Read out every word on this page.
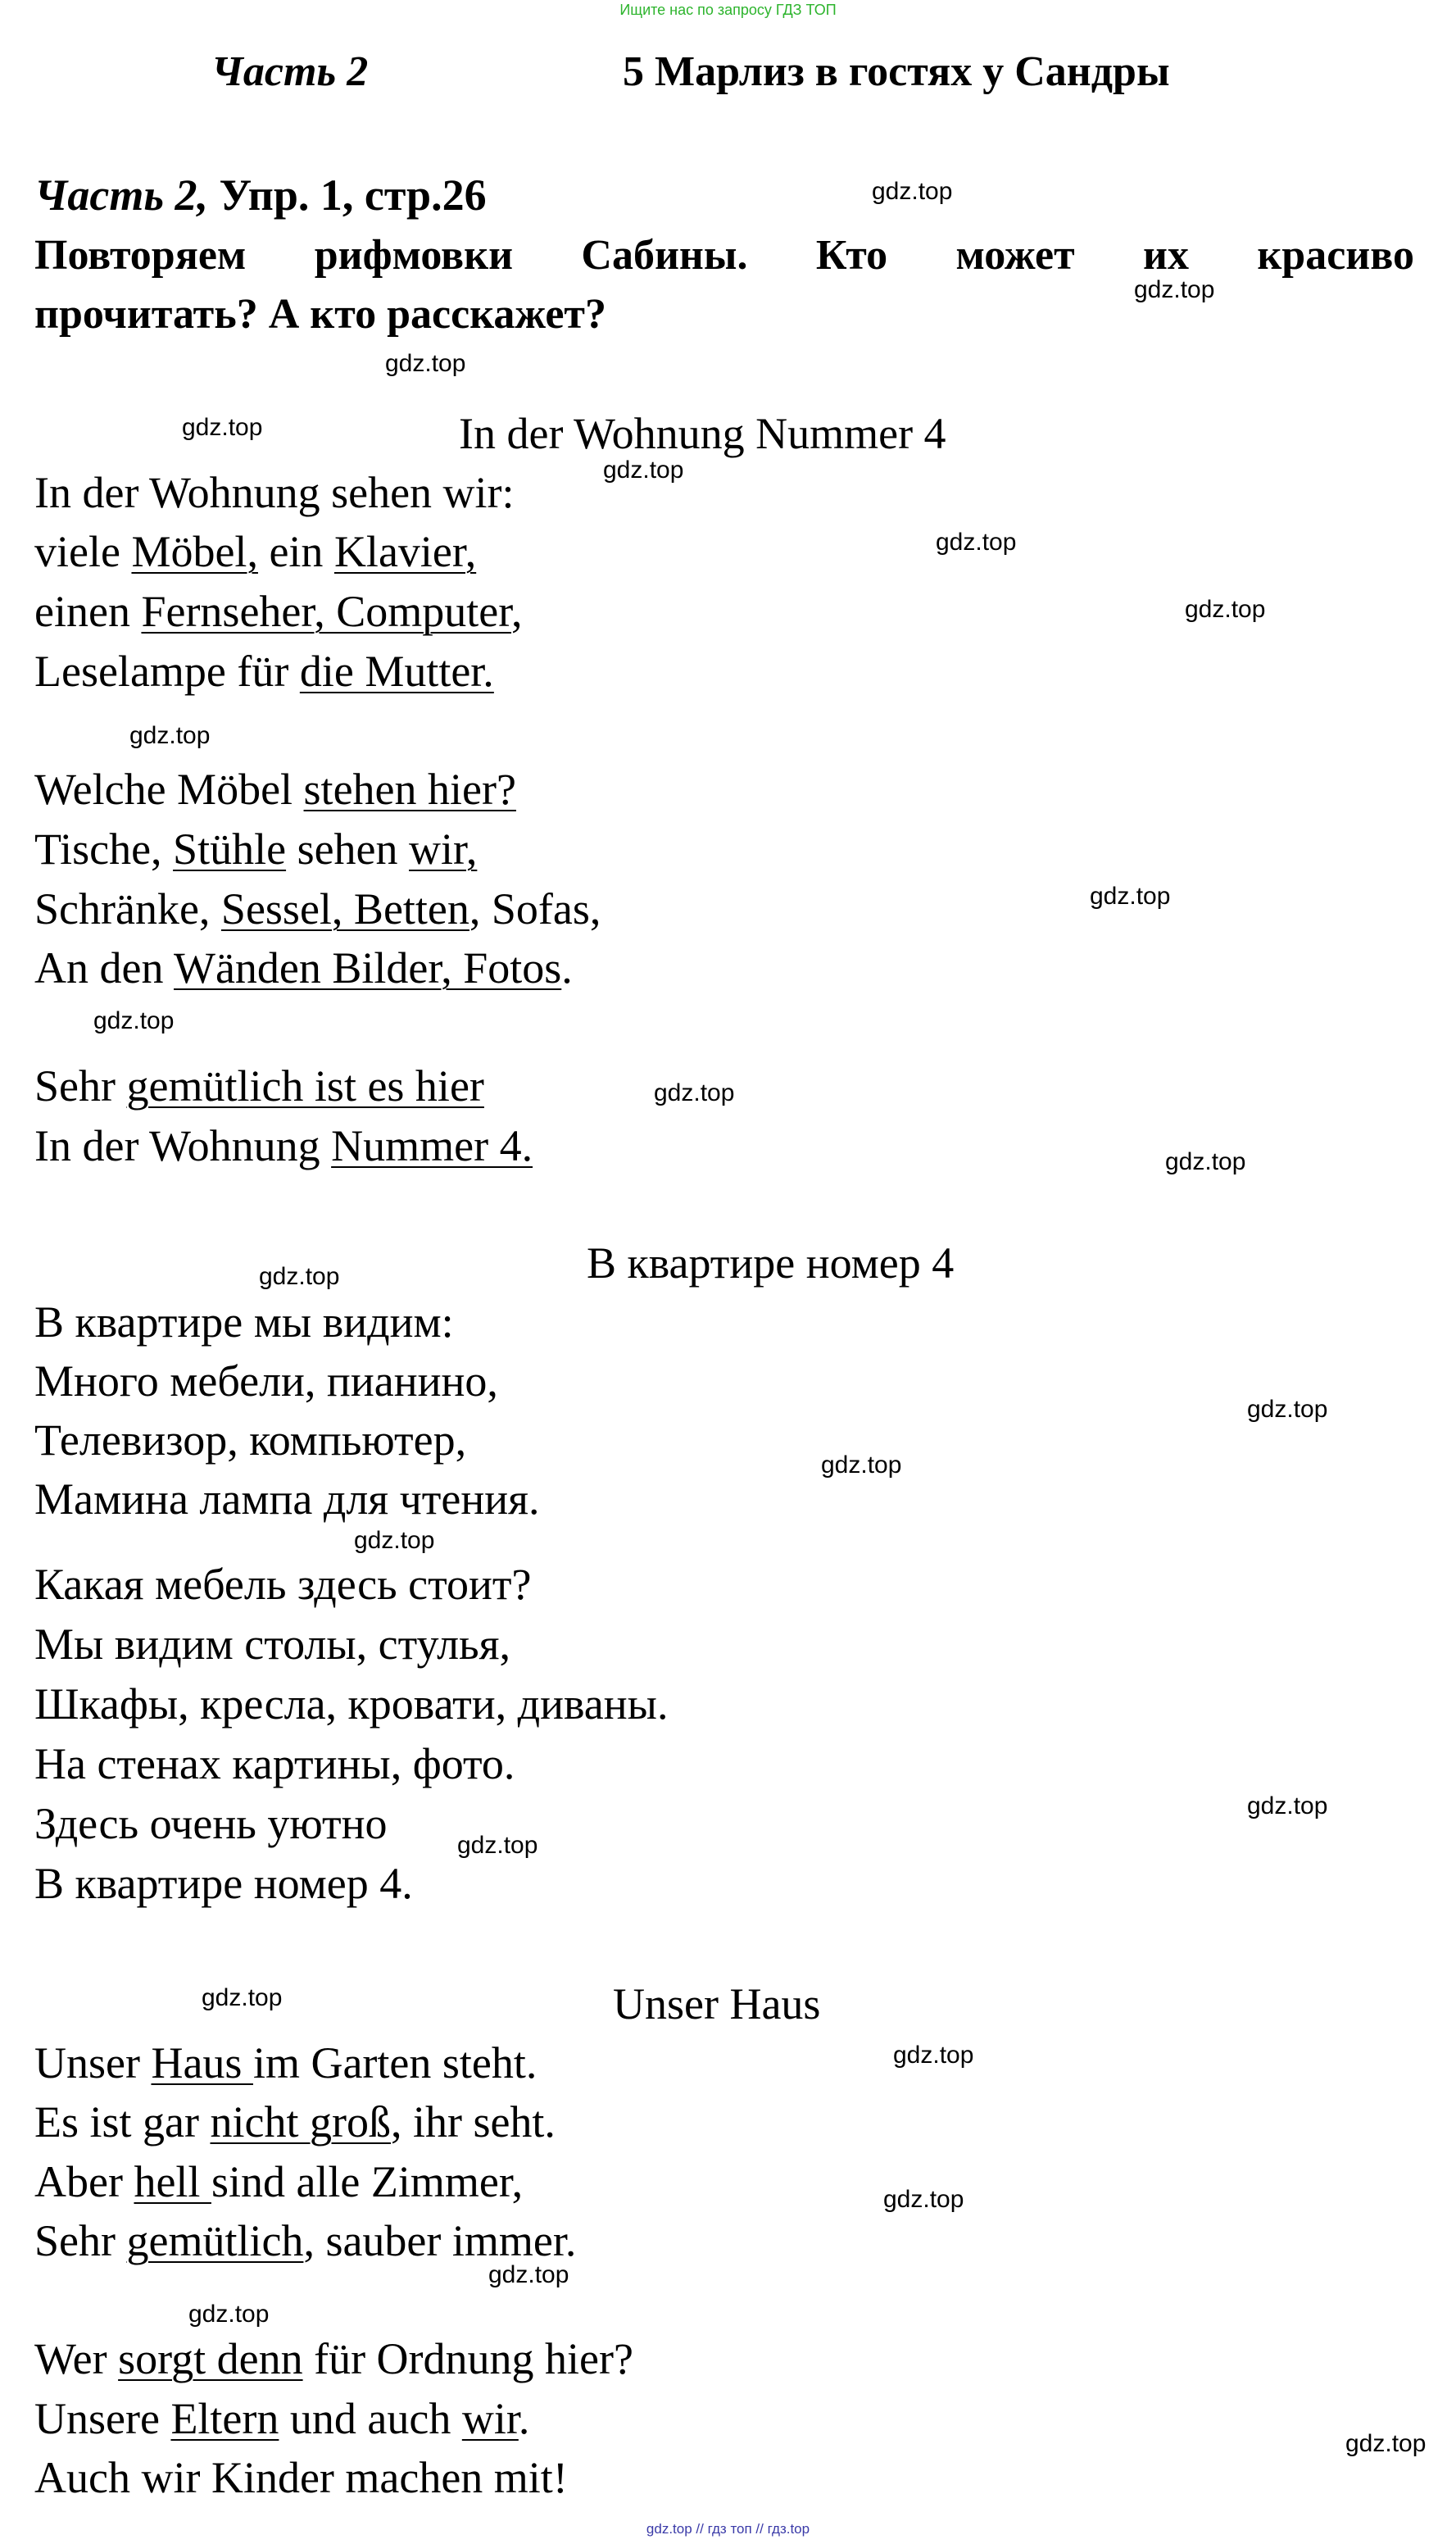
Ищите нас по запросу ГДЗ ТОП
Часть 2	5 Марлиз в гостях у Сандры
Часть 2, Упр. 1, стр.26
Повторяем рифмовки Сабины. Кто может их красиво
прочитать? А кто расскажет?
In der Wohnung Nummer 4
В квартире номер 4
Unser Haus
In der Wohnung sehen wir:
viele Möbel, ein Klavier,
einen Fernseher, Computer,
Leselampe für die Mutter.
Welche Möbel stehen hier?
Tische, Stühle sehen wir,
Schränke, Sessel, Betten, Sofas,
An den Wänden Bilder, Fotos.
Sehr gemütlich ist es hier
In der Wohnung Nummer 4.
В квартире мы видим:
Много мебели, пианино,
Телевизор, компьютер,
Мамина лампа для чтения.
Какая мебель здесь стоит?
Мы видим столы, стулья,
Шкафы, кресла, кровати, диваны.
На стенах картины, фото.
Здесь очень уютно
В квартире номер 4.
Unser Haus im Garten steht.
Es ist gar nicht groß, ihr seht.
Aber hell sind alle Zimmer,
Sehr gemütlich, sauber immer.
Wer sorgt denn für Ordnung hier?
Unsere Eltern und auch wir.
Auch wir Kinder machen mit!
gdz.top
gdz.top
gdz.top
gdz.top
gdz.top
gdz.top
gdz.top
gdz.top
gdz.top
gdz.top
gdz.top
gdz.top
gdz.top
gdz.top
gdz.top
gdz.top
gdz.top
gdz.top
gdz.top
gdz.top
gdz.top
gdz.top
gdz.top
gdz.top
gdz.top // гдз топ // гдз.top
